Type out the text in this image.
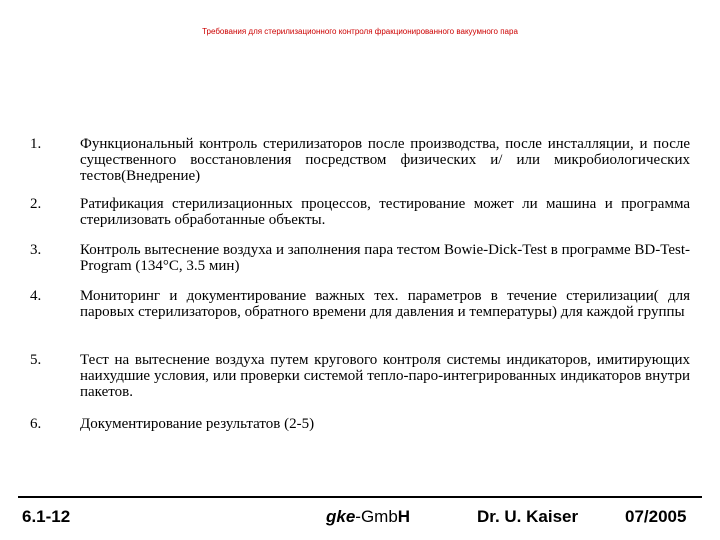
Требования для стерилизационного контроля фракционированного вакуумного пара
1.	Функциональный контроль стерилизаторов после производства, после инсталляции, и после существенного восстановления посредством физических и/ или микробиологических тестов(Внедрение)
2.	Ратификация стерилизационных процессов, тестирование может ли машина и программа стерилизовать обработанные объекты.
3.	Контроль вытеснение воздуха и заполнения пара тестом Bowie-Dick-Test в программе BD-Test-Program (134°C, 3.5 мин)
4.	Мониторинг и документирование важных тех. параметров в течение стерилизации( для паровых стерилизаторов, обратного времени для давления и температуры) для каждой группы
5.	Тест на вытеснение воздуха путем кругового контроля системы индикаторов, имитирующих наихудшие условия, или проверки системой тепло-паро-интегрированных индикаторов внутри пакетов.
6.	Документирование результатов (2-5)
6.1-12	gke-GmbH	Dr. U. Kaiser	07/2005
